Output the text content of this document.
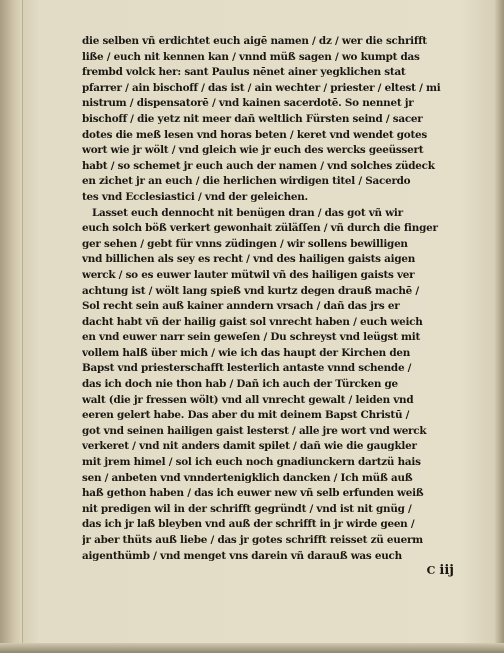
die selben vñ erdichtet euch aigē namen / dz / wer die schrifft
liße / euch nit kennen kan / vnnd müß sagen / wo kumpt das
frembd volck her: sant Paulus nēnet ainer yegklichen stat
pfarrer / ain bischoff / das ist / ain wechter / priester / eltest / mi
nistrum / dispensatorē / vnd kainen sacerdotē. So nennet jr
bischoff / die yetz nit meer dañ weltlich Fürsten seind / sacer
dotes die meß lesen vnd horas beten / keret vnd wendet gotes
wort wie jr wölt / vnd gleich wie jr euch des wercks geeüssert
habt / so schemet jr euch auch der namen / vnd solches züdeck
en zichet jr an euch / die herlichen wirdigen titel / Sacerdo
tes vnd Ecclesiastici / vnd der geleichen.
Lasset euch dennocht nit benügen dran / das got vñ wir
euch solch böß verkert gewonhait züläſſen / vñ durch die finger
ger sehen / gebt für vnns züdingen / wir sollens bewilligen
vnd billichen als sey es recht / vnd des hailigen gaists aigen
werck / so es euwer lauter mütwil vñ des hailigen gaists ver
achtung ist / wölt lang spieß vnd kurtz degen drauß machē /
Sol recht sein auß kainer anndern vrsach / dañ das jrs er
dacht habt vñ der hailig gaist sol vnrecht haben / euch weich
en vnd euwer narr sein geweſen / Du schreyst vnd leügst mit
vollem halß über mich / wie ich das haupt der Kirchen den
Bapst vnd priesterschafft lesterlich antaste vnnd schende /
das ich doch nie thon hab / Dañ ich auch der Türcken ge
walt (die jr fressen wölt) vnd all vnrecht gewalt / leiden vnd
eeren gelert habe. Das aber du mit deinem Bapst Christū /
got vnd seinen hailigen gaist lesterst / alle jre wort vnd werck
verkeret / vnd nit anders damit spilet / dañ wie die gaugkler
mit jrem himel / sol ich euch noch gnadiunckern dartzü hais
sen / anbeten vnd vnndertenigklich dancken / Ich müß auß
haß gethon haben / das ich euwer new vñ selb erfunden weiß
nit predigen wil in der schrifft gegründt / vnd ist nit gnüg /
das ich jr laß bleyben vnd auß der schrifft in jr wirde geen /
jr aber thüts auß liebe / das jr gotes schrifft reisset zü euerm
aigenthümb / vnd menget vns darein vñ darauß was euch
C iij
